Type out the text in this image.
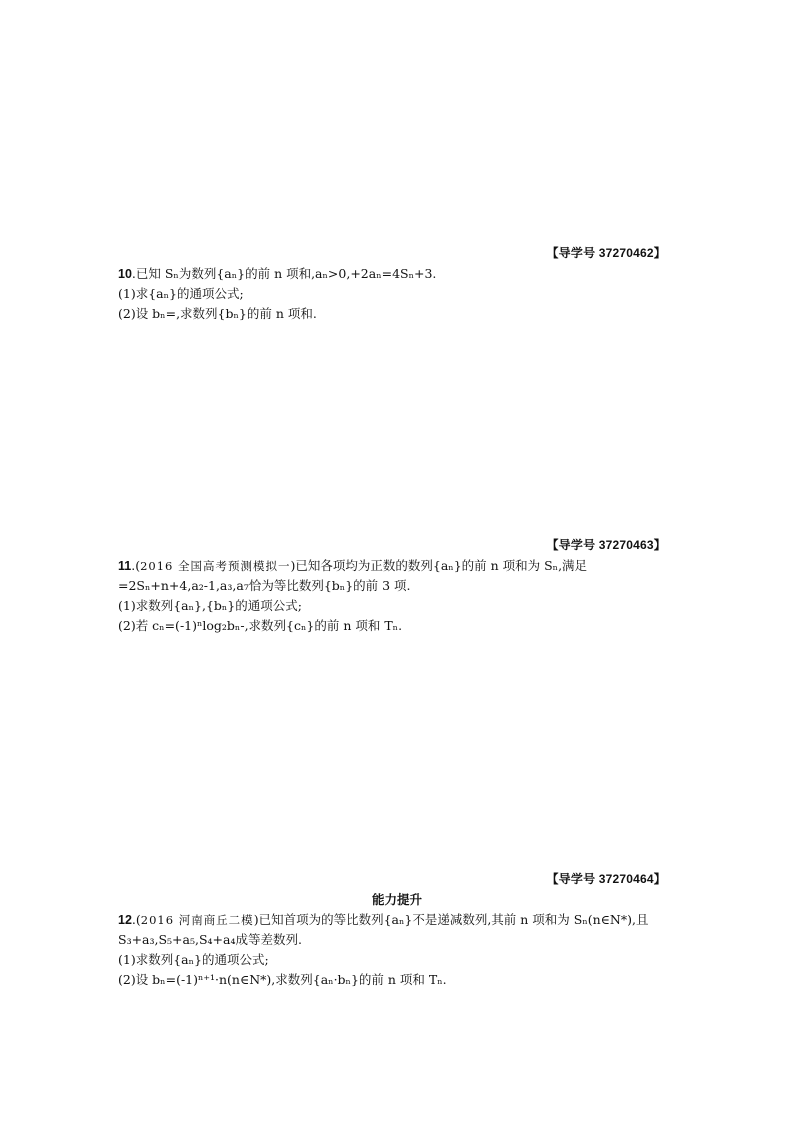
【导学号 37270462】

10.已知 Sₙ为数列{aₙ}的前 n 项和,aₙ>0,+2aₙ=4Sₙ+3.

(1)求{aₙ}的通项公式;

(2)设 bₙ=,求数列{bₙ}的前 n 项和.

【导学号 37270463】

11.(2016 全国高考预测模拟一)已知各项均为正数的数列{aₙ}的前 n 项和为 Sₙ,满足

=2Sₙ+n+4,a₂-1,a₃,a₇恰为等比数列{bₙ}的前 3 项.

(1)求数列{aₙ},{bₙ}的通项公式;

(2)若 cₙ=(-1)ⁿlog₂bₙ-,求数列{cₙ}的前 n 项和 Tₙ.

【导学号 37270464】
能力提升

12.(2016 河南商丘二模)已知首项为的等比数列{aₙ}不是递减数列,其前 n 项和为 Sₙ(n∈N*),且

S₃+a₃,S₅+a₅,S₄+a₄成等差数列.

(1)求数列{aₙ}的通项公式;

(2)设 bₙ=(-1)ⁿ⁺¹·n(n∈N*),求数列{aₙ·bₙ}的前 n 项和 Tₙ.
